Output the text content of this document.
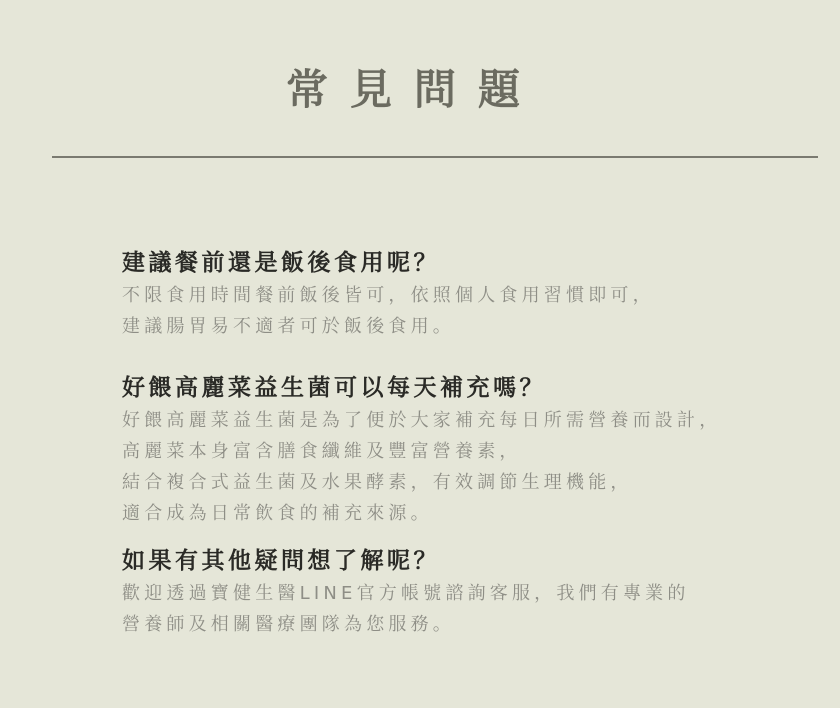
常見問題
建議餐前還是飯後食用呢？
不限食用時間餐前飯後皆可，依照個人食用習慣即可，
建議腸胃易不適者可於飯後食用。
好餵高麗菜益生菌可以每天補充嗎？
好餵高麗菜益生菌是為了便於大家補充每日所需營養而設計，
高麗菜本身富含膳食纖維及豐富營養素，
結合複合式益生菌及水果酵素，有效調節生理機能，
適合成為日常飲食的補充來源。
如果有其他疑問想了解呢？
歡迎透過寶健生醫LINE官方帳號諮詢客服，我們有專業的
營養師及相關醫療團隊為您服務。
